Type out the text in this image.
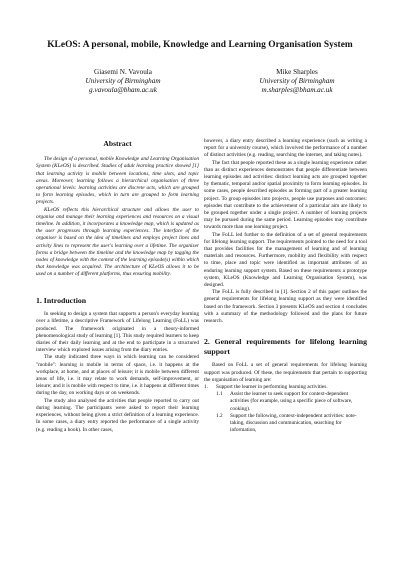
KLeOS: A personal, mobile, Knowledge and Learning Organisation System
Giasemi N. Vavoula
University of Birmingham
g.vavoula@bham.ac.uk
Mike Sharples
University of Birmingham
m.sharples@bham.ac.uk
Abstract

The design of a personal, mobile Knowledge and Learning Organisation System (KLeOS) is described. Studies of adult learning practice showed [1] that learning activity is mobile between locations, time slots, and topic areas. Moreover, learning follows a hierarchical organisation of three operational levels: learning activities are discrete acts, which are grouped to form learning episodes, which in turn are grouped to form learning projects.

KLeOS reflects this hierarchical structure and allows the user to organise and manage their learning experiences and resources on a visual timeline. In addition, it incorporates a knowledge map, which is updated as the user progresses through learning experiences. The interface of the organiser is based on the idea of timelines and employs project lines and activity lines to represent the user's learning over a lifetime. The organiser forms a bridge between the timeline and the knowledge map by tagging the nodes of knowledge with the context of the learning episode(s) within which that knowledge was acquired. The architecture of KLeOS allows it to be used on a number of different platforms, thus ensuring mobility.

1. Introduction

In seeking to design a system that supports a person's everyday learning over a lifetime, a descriptive Framework of Lifelong Learning (FoLL) was produced. The framework originated in a theory-informed phenomenological study of learning [1]. This study required learners to keep diaries of their daily learning and at the end to participate in a structured interview which explored issues arising from the diary entries.

The study indicated three ways in which learning can be considered "mobile": learning is mobile in terms of space, i.e. it happens at the workplace, at home, and at places of leisure; it is mobile between different areas of life, i.e. it may relate to work demands, self-improvement, or leisure; and it is mobile with respect to time, i.e. it happens at different times during the day, on working days or on weekends.

The study also analysed the activities that people reported to carry out during learning. The participants were asked to report their learning experiences, without being given a strict definition of a learning experience. In some cases, a diary entry reported the performance of a single activity (e.g. reading a book). In other cases,

however, a diary entry described a learning experience (such as writing a report for a university course), which involved the performance of a number of distinct activities (e.g. reading, searching the internet, and taking notes).

The fact that people reported these as a single learning experience rather than as distinct experiences demonstrates that people differentiate between learning episodes and activities: distinct learning acts are grouped together by thematic, temporal and/or spatial proximity to form learning episodes. In some cases, people described episodes as forming part of a greater learning project. To group episodes into projects, people use purposes and outcomes: episodes that contribute to the achievement of a particular aim are likely to be grouped together under a single project. A number of learning projects may be pursued during the same period. Learning episodes may contribute towards more than one learning project.

The FoLL led further to the definition of a set of general requirements for lifelong learning support. The requirements pointed to the need for a tool that provides facilities for the management of learning and of learning materials and resources. Furthermore, mobility and flexibility with respect to time, place and topic were identified as important attributes of an enduring learning support system. Based on these requirements a prototype system, KLeOS (Knowledge and Learning Organisation System), was designed.

The FoLL is fully described in [1]. Section 2 of this paper outlines the general requirements for lifelong learning support as they were identified based on the framework. Section 3 presents KLeOS and section 4 concludes with a summary of the methodology followed and the plans for future research.

2. General requirements for lifelong learning support

Based on FoLL a set of general requirements for lifelong learning support was produced. Of these, the requirements that pertain to supporting the organisation of learning are:

1.	Support the learner in performing learning activities.
1.1	Assist the learner to seek support for context-dependent activities (for example, using a specific piece of software, cooking).
1.2	Support the following, context-independent activities: note-taking, discussion and communication, searching for information,
